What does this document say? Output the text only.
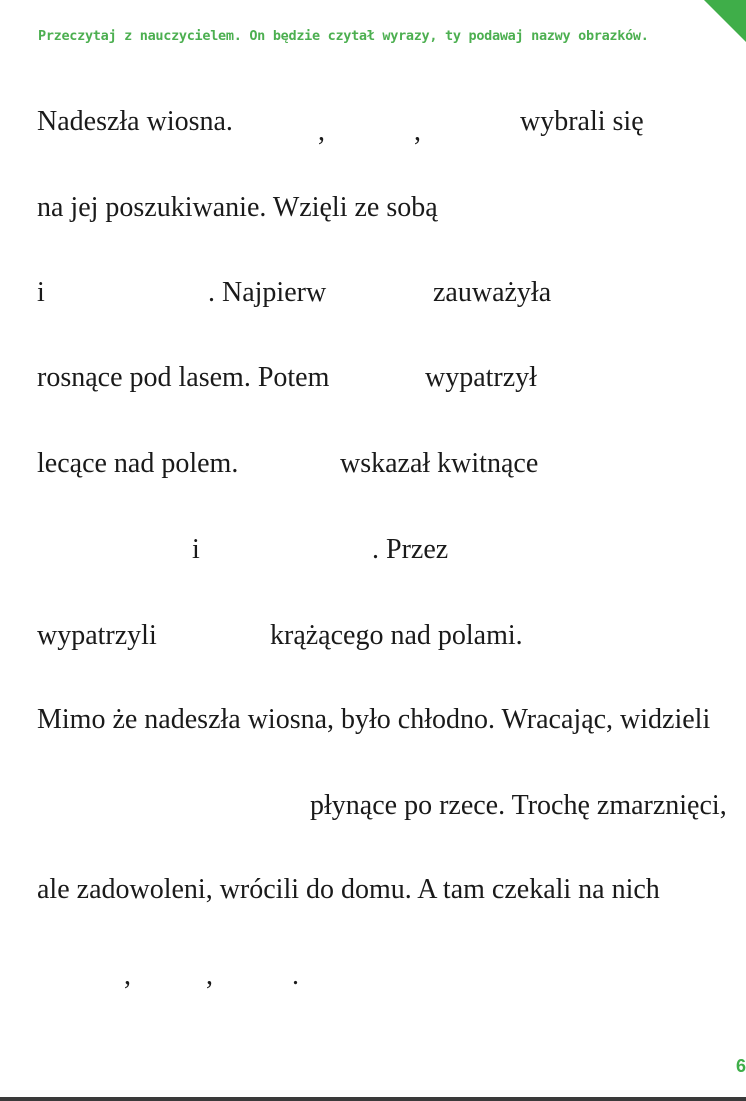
Przeczytaj z nauczycielem. On będzie czytał wyrazy, ty podawaj nazwy obrazków.
Nadeszła wiosna.	,	,	wybrali się
na jej poszukiwanie. Wzięli ze sobą
i	. Najpierw	zauważyła
rosnące pod lasem. Potem	wypatrzył
lecące nad polem.	wskazał kwitnące
i	. Przez
wypatrzyli	krążącego nad polami.
Mimo że nadeszła wiosna, było chłodno. Wracając, widzieli
płynące po rzece. Trochę zmarznięci,
ale zadowoleni, wrócili do domu. A tam czekali na nich
,	,	.
6
